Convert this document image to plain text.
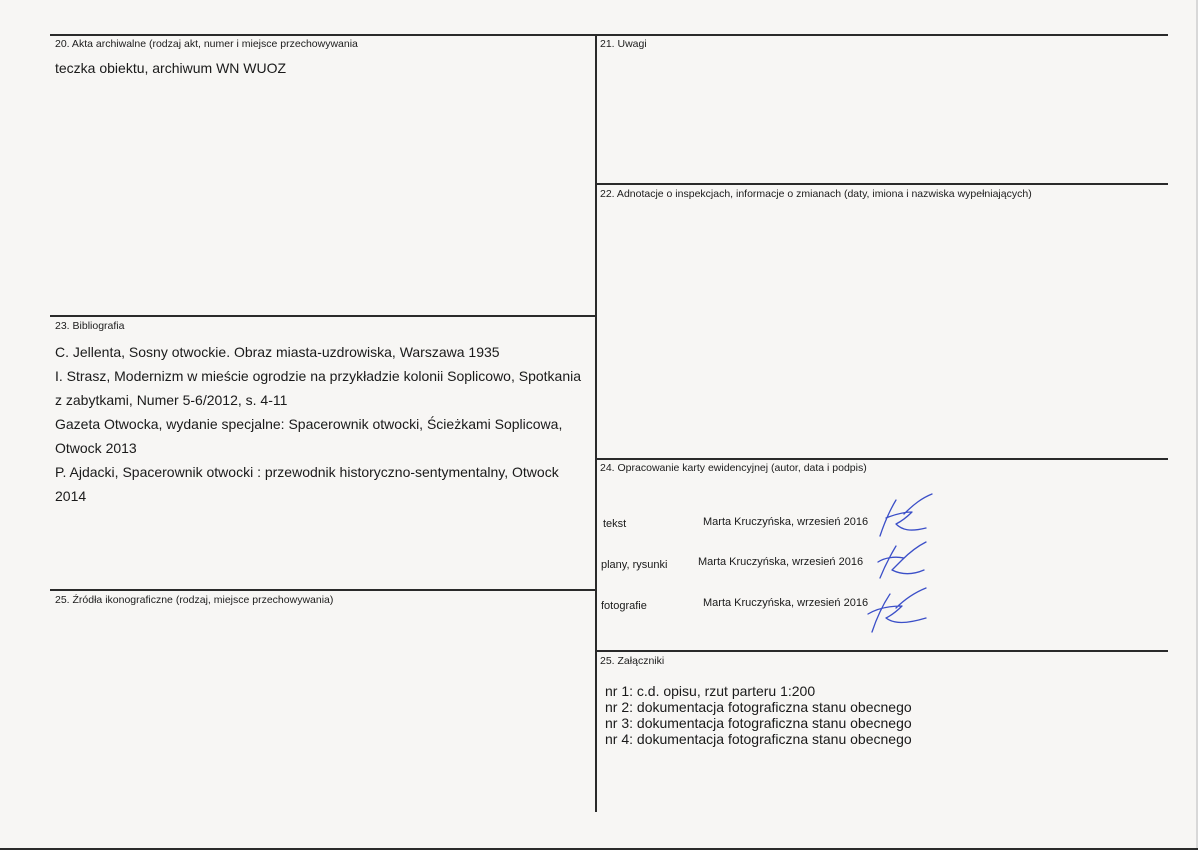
20. Akta archiwalne (rodzaj akt, numer i miejsce przechowywania
teczka obiektu, archiwum WN WUOZ
21. Uwagi
22. Adnotacje o inspekcjach, informacje o zmianach (daty, imiona i nazwiska wypełniających)
23. Bibliografia
C. Jellenta, Sosny otwockie. Obraz miasta-uzdrowiska, Warszawa 1935
I. Strasz, Modernizm w mieście ogrodzie na przykładzie kolonii Soplicowo, Spotkania
z zabytkami, Numer 5-6/2012, s. 4-11
Gazeta Otwocka, wydanie specjalne: Spacerownik otwocki, Ścieżkami Soplicowa,
Otwock 2013
P. Ajdacki, Spacerownik otwocki : przewodnik historyczno-sentymentalny, Otwock
2014
24. Opracowanie karty ewidencyjnej (autor, data i podpis)
tekst	Marta Kruczyńska, wrzesień 2016
plany, rysunki	Marta Kruczyńska, wrzesień 2016
fotografie	Marta Kruczyńska, wrzesień 2016
25. Źródła ikonograficzne (rodzaj, miejsce przechowywania)
25. Załączniki
nr 1: c.d. opisu, rzut parteru 1:200
nr 2: dokumentacja fotograficzna stanu obecnego
nr 3: dokumentacja fotograficzna stanu obecnego
nr 4: dokumentacja fotograficzna stanu obecnego
